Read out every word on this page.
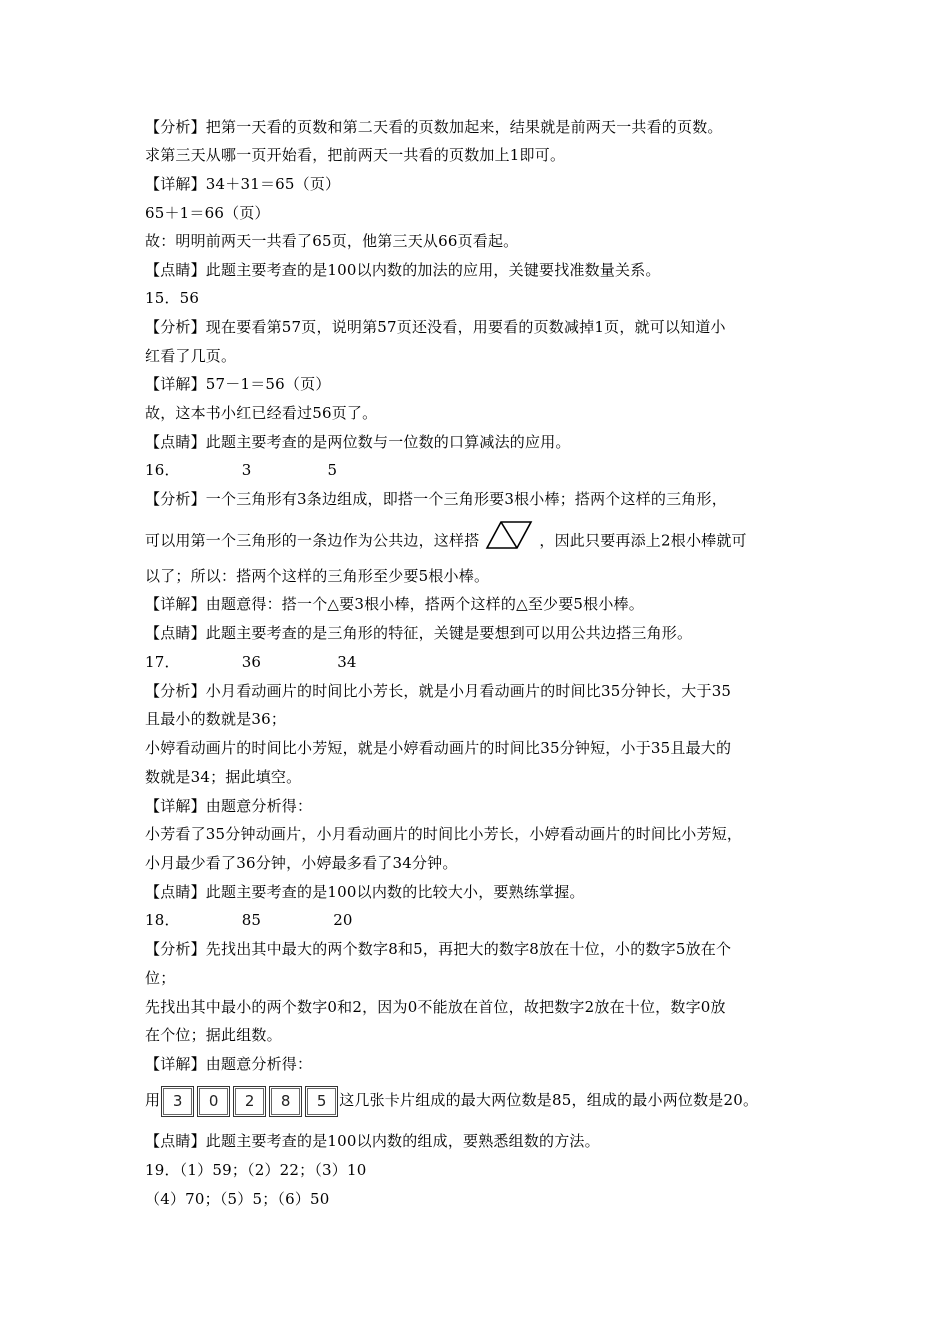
【分析】把第一天看的页数和第二天看的页数加起来，结果就是前两天一共看的页数。
求第三天从哪一页开始看，把前两天一共看的页数加上1即可。
【详解】34＋31＝65（页）
65＋1＝66（页）
故：明明前两天一共看了65页，他第三天从66页看起。
【点睛】此题主要考查的是100以内数的加法的应用，关键要找准数量关系。
15．56
【分析】现在要看第57页，说明第57页还没看，用要看的页数减掉1页，就可以知道小
红看了几页。
【详解】57－1＝56（页）
故，这本书小红已经看过56页了。
【点睛】此题主要考查的是两位数与一位数的口算减法的应用。
16．	3	5
【分析】一个三角形有3条边组成，即搭一个三角形要3根小棒；搭两个这样的三角形，
可以用第一个三角形的一条边作为公共边，这样搭	，因此只要再添上2根小棒就可
以了；所以：搭两个这样的三角形至少要5根小棒。
【详解】由题意得：搭一个△要3根小棒，搭两个这样的△至少要5根小棒。
【点睛】此题主要考查的是三角形的特征，关键是要想到可以用公共边搭三角形。
17．	36	34
【分析】小月看动画片的时间比小芳长，就是小月看动画片的时间比35分钟长，大于35
且最小的数就是36；
小婷看动画片的时间比小芳短，就是小婷看动画片的时间比35分钟短，小于35且最大的
数就是34；据此填空。
【详解】由题意分析得：
小芳看了35分钟动画片，小月看动画片的时间比小芳长，小婷看动画片的时间比小芳短，
小月最少看了36分钟，小婷最多看了34分钟。
【点睛】此题主要考查的是100以内数的比较大小，要熟练掌握。
18．	85	20
【分析】先找出其中最大的两个数字8和5，再把大的数字8放在十位，小的数字5放在个
位；
先找出其中最小的两个数字0和2，因为0不能放在首位，故把数字2放在十位，数字0放
在个位；据此组数。
【详解】由题意分析得：
用 3	0	2	8	5 这几张卡片组成的最大两位数是85，组成的最小两位数是20。
【点睛】此题主要考查的是100以内数的组成，要熟悉组数的方法。
19．（1）59；（2）22；（3）10
（4）70；（5）5；（6）50
